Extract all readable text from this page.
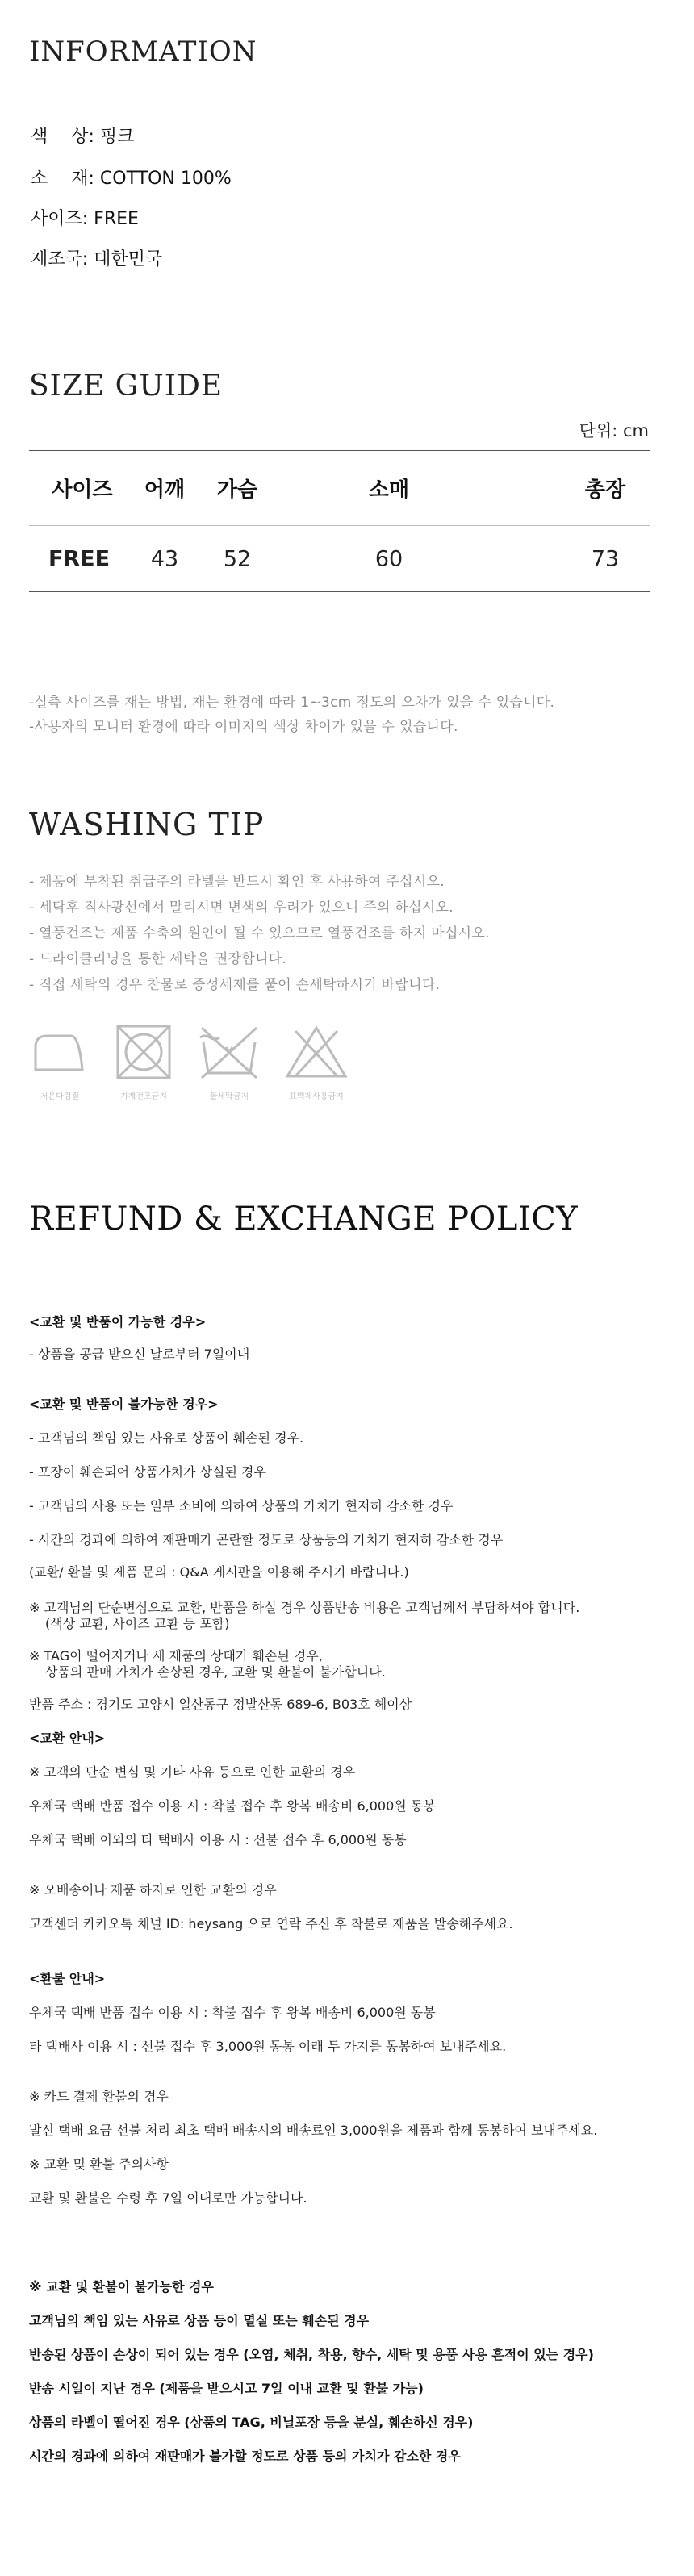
INFORMATION
색　 상: 핑크
소　 재: COTTON 100%
사이즈: FREE
제조국: 대한민국
SIZE GUIDE
단위: cm
사이즈 어깨 가슴	소매	총장
FREE 43 52	60	73
-실측 사이즈를 재는 방법, 재는 환경에 따라 1~3cm 정도의 오차가 있을 수 있습니다.
-사용자의 모니터 환경에 따라 이미지의 색상 차이가 있을 수 있습니다.
WASHING TIP
- 제품에 부착된 취급주의 라벨을 반드시 확인 후 사용하여 주십시오.
- 세탁후 직사광선에서 말리시면 변색의 우려가 있으니 주의 하십시오.
- 열풍건조는 제품 수축의 원인이 될 수 있으므로 열풍건조를 하지 마십시오.
- 드라이클리닝을 통한 세탁을 권장합니다.
- 직접 세탁의 경우 찬물로 중성세제를 풀어 손세탁하시기 바랍니다.
저온다림질	기계건조금지	물세탁금지	표백제사용금지
REFUND & EXCHANGE POLICY
<교환 및 반품이 가능한 경우>
- 상품을 공급 받으신 날로부터 7일이내
<교환 및 반품이 불가능한 경우>
- 고객님의 책임 있는 사유로 상품이 훼손된 경우.
- 포장이 훼손되어 상품가치가 상실된 경우
- 고객님의 사용 또는 일부 소비에 의하여 상품의 가치가 현저히 감소한 경우
- 시간의 경과에 의하여 재판매가 곤란할 정도로 상품등의 가치가 현저히 감소한 경우
(교환/ 환불 및 제품 문의 : Q&A 게시판을 이용해 주시기 바랍니다.)
※ 고객님의 단순변심으로 교환, 반품을 하실 경우 상품반송 비용은 고객님께서 부담하셔야 합니다.
(색상 교환, 사이즈 교환 등 포함)
※ TAG이 떨어지거나 새 제품의 상태가 훼손된 경우,
상품의 판매 가치가 손상된 경우, 교환 및 환불이 불가합니다.
반품 주소 : 경기도 고양시 일산동구 정발산동 689-6, B03호 헤이상
<교환 안내>
※ 고객의 단순 변심 및 기타 사유 등으로 인한 교환의 경우
우체국 택배 반품 접수 이용 시 : 착불 접수 후 왕복 배송비 6,000원 동봉
우체국 택배 이외의 타 택배사 이용 시 : 선불 접수 후 6,000원 동봉
※ 오배송이나 제품 하자로 인한 교환의 경우
고객센터 카카오톡 채널 ID: heysang 으로 연락 주신 후 착불로 제품을 발송해주세요.
<환불 안내>
우체국 택배 반품 접수 이용 시 : 착불 접수 후 왕복 배송비 6,000원 동봉
타 택배사 이용 시 : 선불 접수 후 3,000원 동봉 이래 두 가지를 동봉하여 보내주세요.
※ 카드 결제 환불의 경우
발신 택배 요금 선불 처리 최초 택배 배송시의 배송료인 3,000원을 제품과 함께 동봉하여 보내주세요.
※ 교환 및 환불 주의사항
교환 및 환불은 수령 후 7일 이내로만 가능합니다.
※ 교환 및 환불이 불가능한 경우
고객님의 책임 있는 사유로 상품 등이 멸실 또는 훼손된 경우
반송된 상품이 손상이 되어 있는 경우 (오염, 체취, 착용, 향수, 세탁 및 용품 사용 흔적이 있는 경우)
반송 시일이 지난 경우 (제품을 받으시고 7일 이내 교환 및 환불 가능)
상품의 라벨이 떨어진 경우 (상품의 TAG, 비닐포장 등을 분실, 훼손하신 경우)
시간의 경과에 의하여 재판매가 불가할 정도로 상품 등의 가치가 감소한 경우
